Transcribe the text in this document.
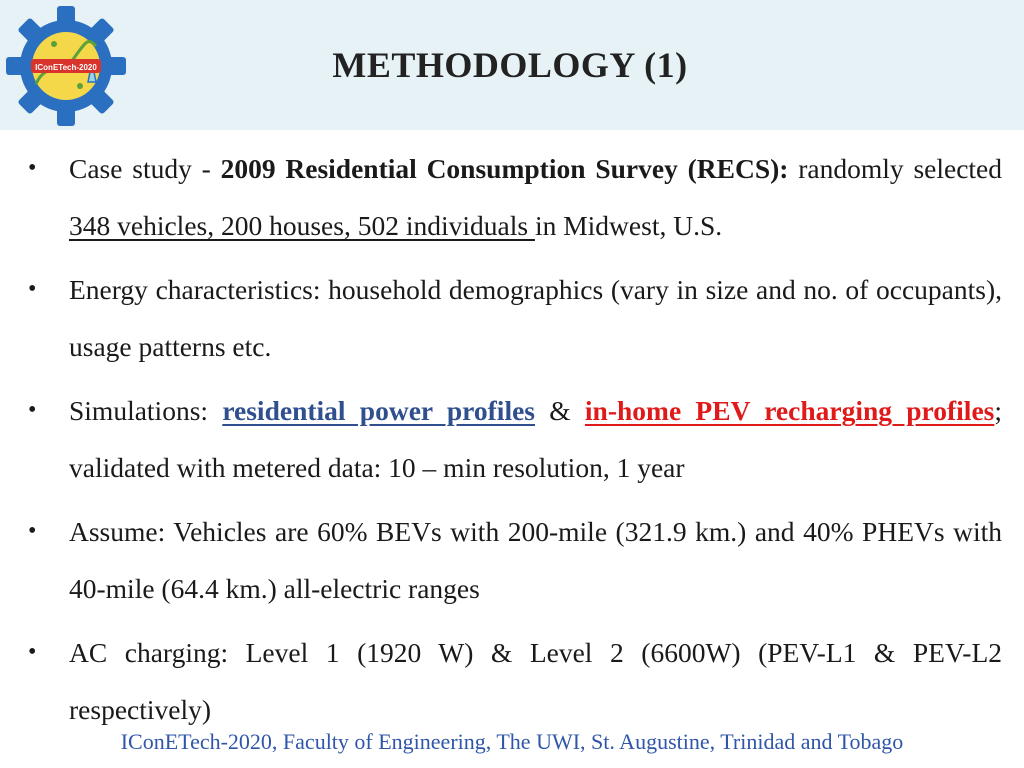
IConETech-2020	METHODOLOGY (1)
•	Case study - 2009 Residential Consumption Survey (RECS): randomly selected 348 vehicles, 200 houses, 502 individuals in Midwest, U.S.
•	Energy characteristics: household demographics (vary in size and no. of occupants), usage patterns etc.
•	Simulations: residential power profiles & in-home PEV recharging profiles; validated with metered data: 10 – min resolution, 1 year
•	Assume: Vehicles are 60% BEVs with 200-mile (321.9 km.) and 40% PHEVs with 40-mile (64.4 km.) all-electric ranges
•	AC charging: Level 1 (1920 W) & Level 2 (6600W) (PEV-L1 & PEV-L2 respectively)
IConETech-2020, Faculty of Engineering, The UWI, St. Augustine, Trinidad and Tobago
